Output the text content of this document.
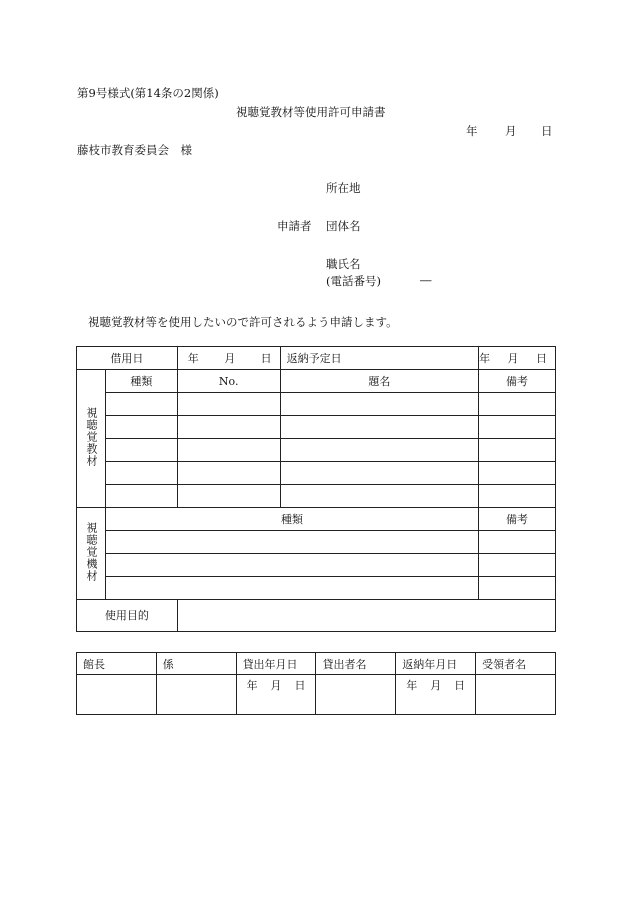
第9号様式(第14条の2関係)
視聴覚教材等使用許可申請書
年 月 日
藤枝市教育委員会　様
所在地
申請者 団体名
職氏名
(電話番号)	―
視聴覚教材等を使用したいので許可されるよう申請します。
借用日		年 月 日	返納予定日	年 月 日

視聴覚教材	種類	No.	題名	備考

視聴覚機材	種類			備考

使用目的				
館長	係	貸出年月日	貸出者名	返納年月日	受領者名

		年 月 日		年 月 日	
